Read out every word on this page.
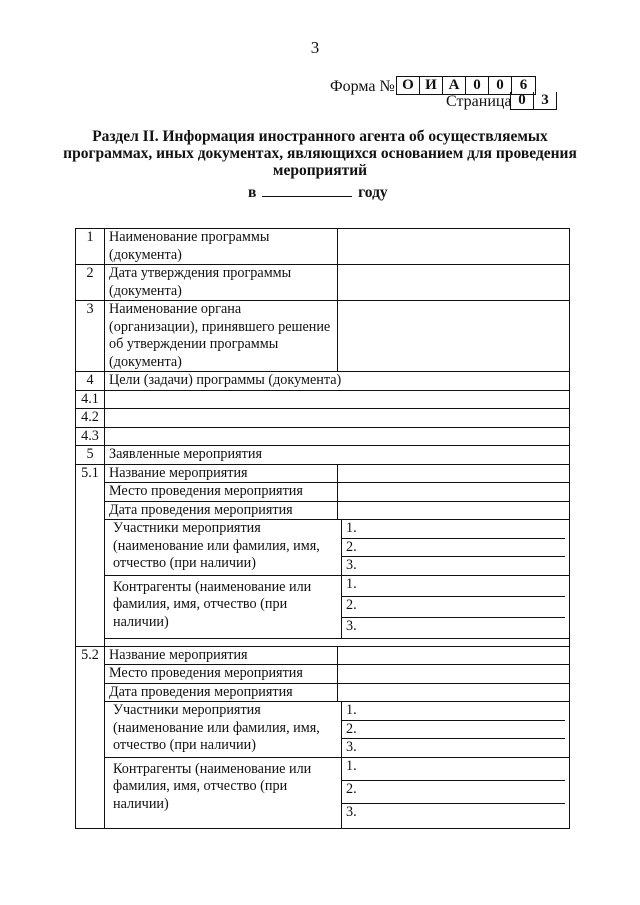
3
Форма № О И А 0	0	6
Страница 0	3
Раздел II. Информация иностранного агента об осуществляемых программах, иных документах, являющихся основанием для проведения мероприятий
в	году
1	Наименование программы (документа)	
2	Дата утверждения программы (документа)	
3	Наименование органа (организации), принявшего решение об утверждении программы (документа)	
4	Цели (задачи) программы (документа)	
4.1		
4.2		
4.3		
5	Заявленные мероприятия	
5.1	Название мероприятия	
	Место проведения мероприятия	
	Дата проведения мероприятия	

	Участники мероприятия (наименование или фамилия, имя, отчество (при наличии)
1.
2.
3.	

	Контрагенты (наименование или фамилия, имя, отчество (при наличии)
1.
2.
3.	

5.2	Название мероприятия	
	Место проведения мероприятия	
	Дата проведения мероприятия	

	Участники мероприятия (наименование или фамилия, имя, отчество (при наличии)
1.
2.
3.	

	Контрагенты (наименование или фамилия, имя, отчество (при наличии)
1.
2.
3.	
